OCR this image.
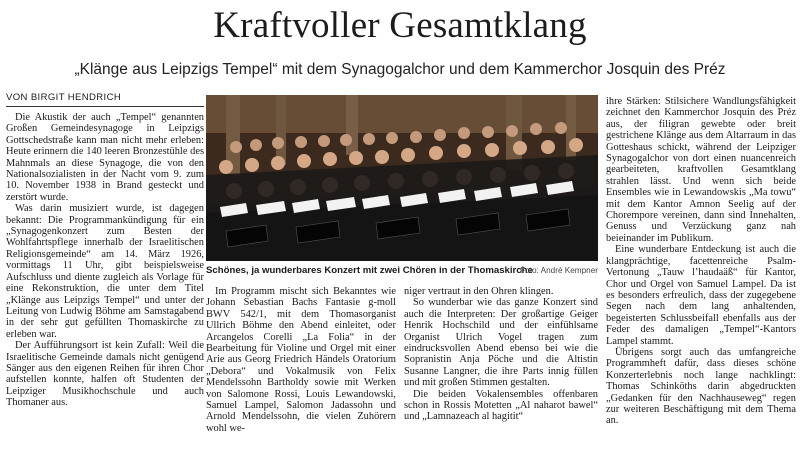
Kraftvoller Gesamtklang
„Klänge aus Leipzigs Tempel“ mit dem Synagogalchor und dem Kammerchor Josquin des Préz
VON BIRGIT HENDRICH

Die Akustik der auch „Tempel“ genannten Großen Gemeindesynagoge in Leipzigs Gottschedstraße kann man nicht mehr erleben: Heute erinnern die 140 leeren Bronzestühle des Mahnmals an diese Synagoge, die von den Nationalsozialisten in der Nacht vom 9. zum 10. November 1938 in Brand gesteckt und zerstört wurde.

Was darin musiziert wurde, ist dagegen bekannt: Die Programmankündigung für ein „Synagogenkonzert zum Besten der Wohlfahrtspflege innerhalb der Israelitischen Religionsgemeinde“ am 14. März 1926, vormittags 11 Uhr, gibt beispielsweise Aufschluss und diente zugleich als Vorlage für eine Rekonstruktion, die unter dem Titel „Klänge aus Leipzigs Tempel“ und unter der Leitung von Ludwig Böhme am Samstagabend in der sehr gut gefüllten Thomaskirche zu erleben war.

Der Aufführungsort ist kein Zufall: Weil die Israelitische Gemeinde damals nicht genügend Sänger aus den eigenen Reihen für ihren Chor aufstellen konnte, halfen oft Studenten der Leipziger Musikhochschule und auch Thomaner aus.

Schönes, ja wunderbares Konzert mit zwei Chören in der Thomaskirche
Foto: André Kempner

Im Programm mischt sich Bekanntes wie Johann Sebastian Bachs Fantasie g-moll BWV 542/1, mit dem Thomasorganist Ullrich Böhme den Abend einleitet, oder Arcangelos Corelli „La Folia“ in der Bearbeitung für Violine und Orgel mit einer Arie aus Georg Friedrich Händels Oratorium „Debora“ und Vokalmusik von Felix Mendelssohn Bartholdy sowie mit Werken von Salomone Rossi, Louis Lewandowski, Samuel Lampel, Salomon Jadassohn und Arnold Mendelssohn, die vielen Zuhörern wohl we-

niger vertraut in den Ohren klingen.

So wunderbar wie das ganze Konzert sind auch die Interpreten: Der großartige Geiger Henrik Hochschild und der einfühlsame Organist Ulrich Vogel tragen zum eindrucksvollen Abend ebenso bei wie die Sopranistin Anja Pöche und die Altistin Susanne Langner, die ihre Parts innig füllen und mit großen Stimmen gestalten.

Die beiden Vokalensembles offenbaren schon in Rossis Motetten „Al naharot bawel“ und „Lamnazeach al hagitit“

ihre Stärken: Stilsichere Wandlungsfähigkeit zeichnet den Kammerchor Josquin des Préz aus, der filigran gewebte oder breit gestrichene Klänge aus dem Altarraum in das Gotteshaus schickt, während der Leipziger Synagogalchor von dort einen nuancenreich gearbeiteten, kraftvollen Gesamtklang strahlen lässt. Und wenn sich beide Ensembles wie in Lewandowskis „Ma towu“ mit dem Kantor Amnon Seelig auf der Chorempore vereinen, dann sind Innehalten, Genuss und Verzückung ganz nah beieinander im Publikum.

Eine wunderbare Entdeckung ist auch die klangprächtige, facettenreiche Psalm-Vertonung „Tauw l’haudaäß“ für Kantor, Chor und Orgel von Samuel Lampel. Da ist es besonders erfreulich, dass der zugegebene Segen nach dem lang anhaltenden, begeisterten Schlussbeifall ebenfalls aus der Feder des damaligen „Tempel“-Kantors Lampel stammt.

Übrigens sorgt auch das umfangreiche Programmheft dafür, dass dieses schöne Konzerterlebnis noch lange nachklingt: Thomas Schinköths darin abgedruckten „Gedanken für den Nachhauseweg“ regen zur weiteren Beschäftigung mit dem Thema an.
